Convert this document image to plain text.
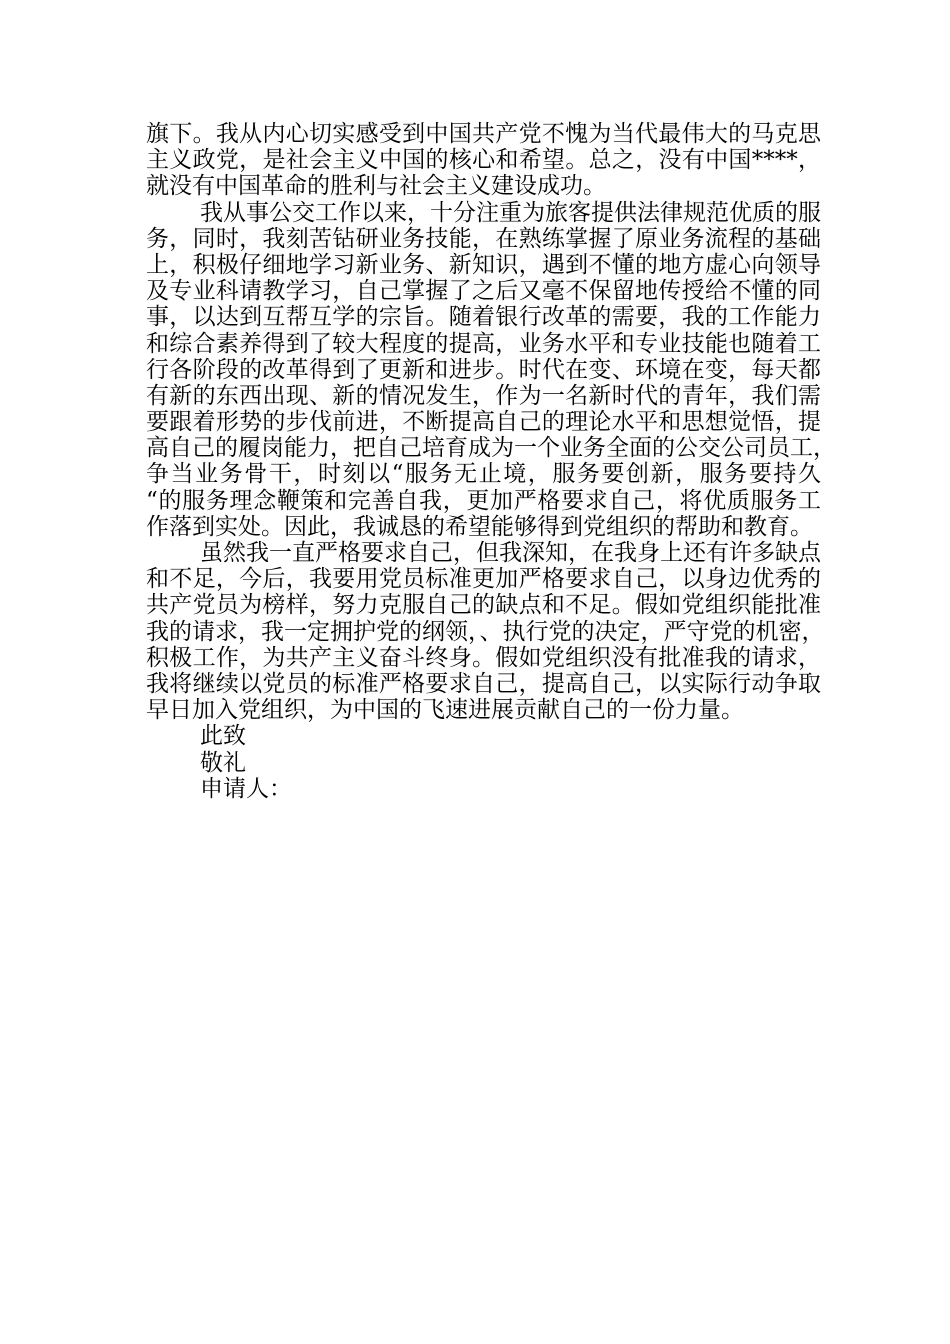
旗下。我从内心切实感受到中国共产党不愧为当代最伟大的马克思
主义政党，是社会主义中国的核心和希望。总之，没有中国****，
就没有中国革命的胜利与社会主义建设成功。
我从事公交工作以来，十分注重为旅客提供法律规范优质的服
务，同时，我刻苦钻研业务技能，在熟练掌握了原业务流程的基础
上，积极仔细地学习新业务、新知识，遇到不懂的地方虚心向领导
及专业科请教学习，自己掌握了之后又毫不保留地传授给不懂的同
事，以达到互帮互学的宗旨。随着银行改革的需要，我的工作能力
和综合素养得到了较大程度的提高，业务水平和专业技能也随着工
行各阶段的改革得到了更新和进步。时代在变、环境在变，每天都
有新的东西出现、新的情况发生，作为一名新时代的青年，我们需
要跟着形势的步伐前进，不断提高自己的理论水平和思想觉悟，提
高自己的履岗能力，把自己培育成为一个业务全面的公交公司员工，
争当业务骨干，时刻以“服务无止境，服务要创新，服务要持久
“的服务理念鞭策和完善自我，更加严格要求自己，将优质服务工
作落到实处。因此，我诚恳的希望能够得到党组织的帮助和教育。
虽然我一直严格要求自己，但我深知，在我身上还有许多缺点
和不足，今后，我要用党员标准更加严格要求自己，以身边优秀的
共产党员为榜样，努力克服自己的缺点和不足。假如党组织能批准
我的请求，我一定拥护党的纲领，、执行党的决定，严守党的机密，
积极工作，为共产主义奋斗终身。假如党组织没有批准我的请求，
我将继续以党员的标准严格要求自己，提高自己，以实际行动争取
早日加入党组织，为中国的飞速进展贡献自己的一份力量。
此致
敬礼
申请人：
